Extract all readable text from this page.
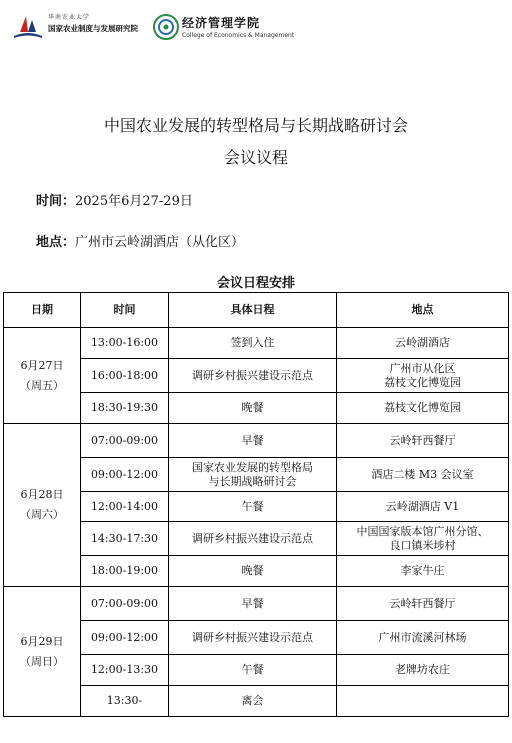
华南农业大学
国家农业制度与发展研究院	经济管理学院
College of Economics & Management
中国农业发展的转型格局与长期战略研讨会
会议议程
时间：2025年6月27-29日
地点：广州市云岭湖酒店（从化区）
会议日程安排
日期	时间	具体日程	地点
6月27日
（周五）	13:00-16:00	签到入住	云岭湖酒店
	16:00-18:00	调研乡村振兴建设示范点	广州市从化区
荔枝文化博览园
	18:30-19:30	晚餐	荔枝文化博览园
6月28日
（周六）	07:00-09:00	早餐	云岭轩西餐厅
	09:00-12:00	国家农业发展的转型格局
与长期战略研讨会	酒店二楼 M3 会议室
	12:00-14:00	午餐	云岭湖酒店 V1
	14:30-17:30	调研乡村振兴建设示范点	中国国家版本馆广州分馆、
良口镇米埗村
	18:00-19:00	晚餐	李家牛庄
6月29日
（周日）	07:00-09:00	早餐	云岭轩西餐厅
	09:00-12:00	调研乡村振兴建设示范点	广州市流溪河林场
	12:00-13:30	午餐	老牌坊农庄
	13:30-	离会	
